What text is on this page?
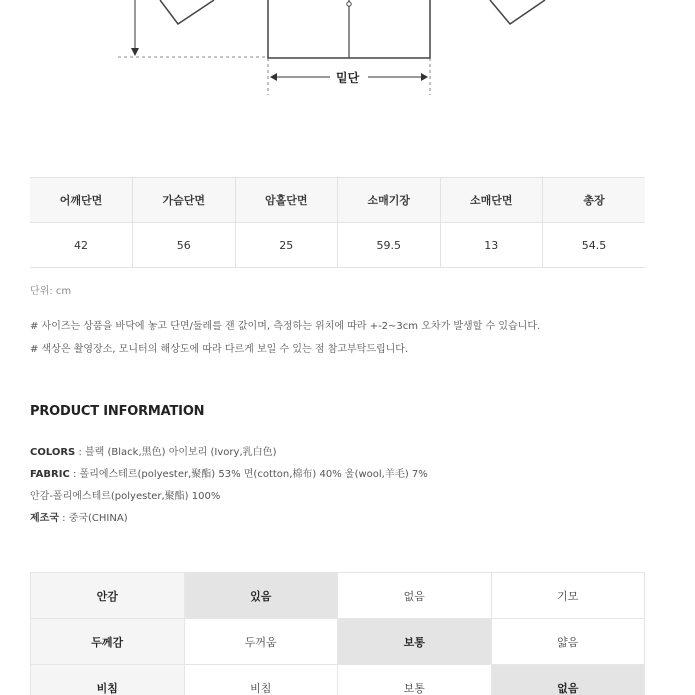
밑단
어깨단면	가슴단면	암홀단면	소매기장	소매단면	총장
42	56	25	59.5	13	54.5
단위: cm
# 사이즈는 상품을 바닥에 놓고 단면/둘레를 잰 값이며, 측정하는 위치에 따라 +-2~3cm 오차가 발생할 수 있습니다.
# 색상은 촬영장소, 모니터의 해상도에 따라 다르게 보일 수 있는 점 참고부탁드립니다.
PRODUCT INFORMATION
COLORS : 블랙 (Black,黑色) 아이보리 (Ivory,乳白色)
FABRIC : 폴리에스테르(polyester,聚酯) 53% 면(cotton,棉布) 40% 울(wool,羊毛) 7%
안감-폴리에스테르(polyester,聚酯) 100%
제조국 : 중국(CHINA)
안감	있음	없음	기모
두께감	두꺼움	보통	얇음
비침	비침	보통	없음
